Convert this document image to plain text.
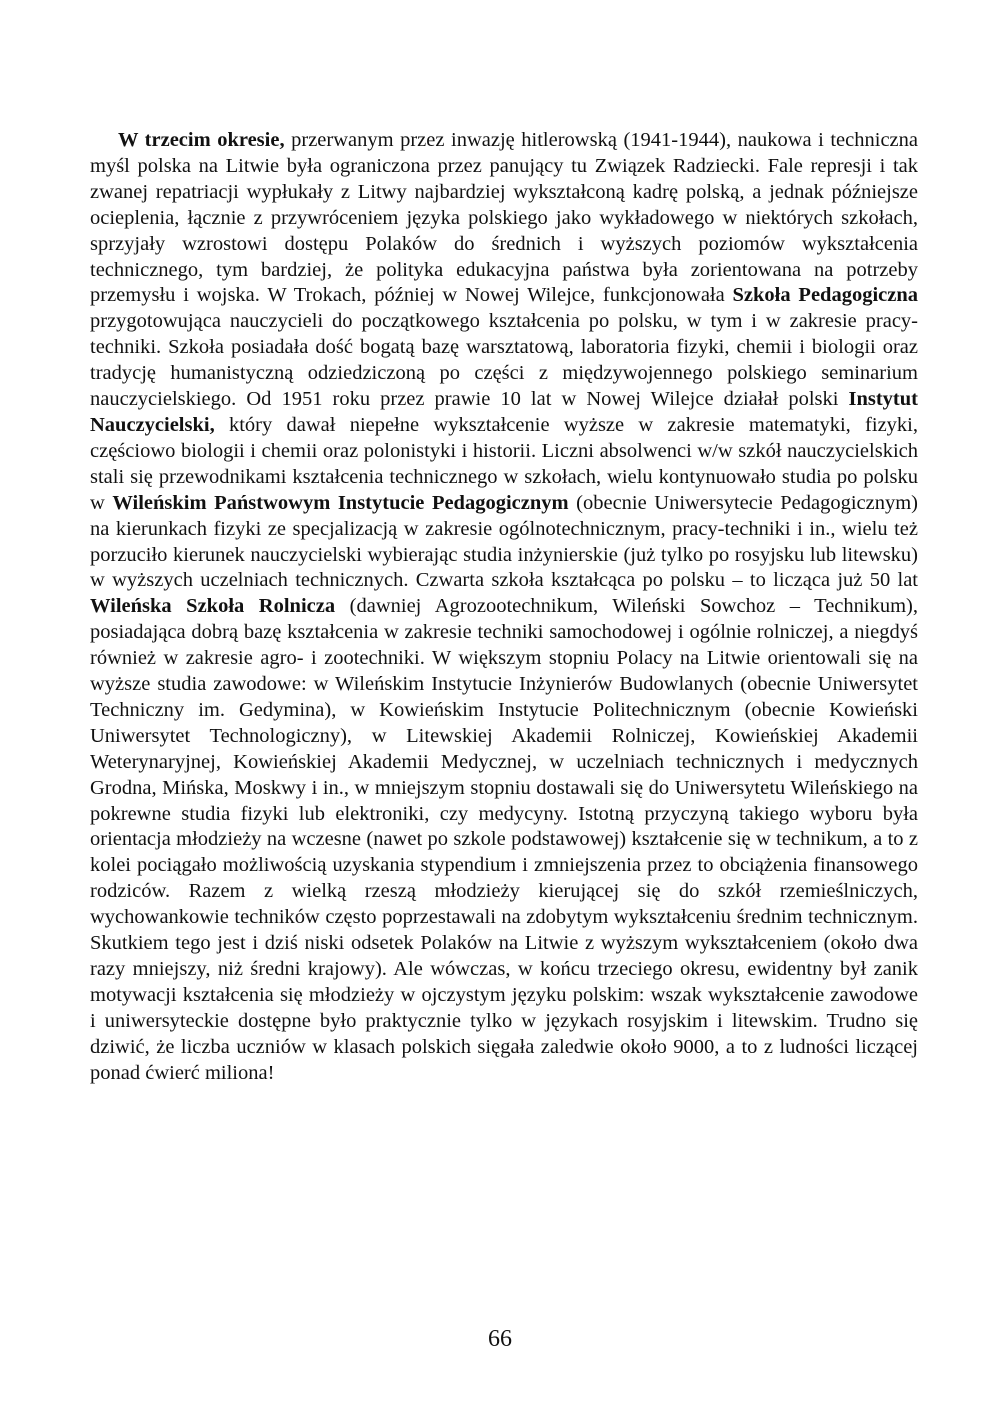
W trzecim okresie, przerwanym przez inwazję hitlerowską (1941-1944), naukowa i techniczna myśl polska na Litwie była ograniczona przez panujący tu Związek Radziecki. Fale represji i tak zwanej repatriacji wypłukały z Litwy najbardziej wykształconą kadrę polską, a jednak późniejsze ocieplenia, łącznie z przywróceniem języka polskiego jako wykładowego w niektórych szkołach, sprzyjały wzrostowi dostępu Polaków do średnich i wyższych poziomów wykształcenia technicznego, tym bardziej, że polityka edukacyjna państwa była zorientowana na potrzeby przemysłu i wojska. W Trokach, później w Nowej Wilejce, funkcjonowała Szkoła Pedagogiczna przygotowująca nauczycieli do początkowego kształcenia po polsku, w tym i w zakresie pracy-techniki. Szkoła posiadała dość bogatą bazę warsztatową, laboratoria fizyki, chemii i biologii oraz tradycję humanistyczną odziedziczoną po części z międzywojennego polskiego seminarium nauczycielskiego. Od 1951 roku przez prawie 10 lat w Nowej Wilejce działał polski Instytut Nauczycielski, który dawał niepełne wykształcenie wyższe w zakresie matematyki, fizyki, częściowo biologii i chemii oraz polonistyki i historii. Liczni absolwenci w/w szkół nauczycielskich stali się przewodnikami kształcenia technicznego w szkołach, wielu kontynuowało studia po polsku w Wileńskim Państwowym Instytucie Pedagogicznym (obecnie Uniwersytecie Pedagogicznym) na kierunkach fizyki ze specjalizacją w zakresie ogólnotechnicznym, pracy-techniki i in., wielu też porzuciło kierunek nauczycielski wybierając studia inżynierskie (już tylko po rosyjsku lub litewsku) w wyższych uczelniach technicznych. Czwarta szkoła kształcąca po polsku – to licząca już 50 lat Wileńska Szkoła Rolnicza (dawniej Agrozootechnikum, Wileński Sowchoz – Technikum), posiadająca dobrą bazę kształcenia w zakresie techniki samochodowej i ogólnie rolniczej, a niegdyś również w zakresie agro- i zootechniki. W większym stopniu Polacy na Litwie orientowali się na wyższe studia zawodowe: w Wileńskim Instytucie Inżynierów Budowlanych (obecnie Uniwersytet Techniczny im. Gedymina), w Kowieńskim Instytucie Politechnicznym (obecnie Kowieński Uniwersytet Technologiczny), w Litewskiej Akademii Rolniczej, Kowieńskiej Akademii Weterynaryjnej, Kowieńskiej Akademii Medycznej, w uczelniach technicznych i medycznych Grodna, Mińska, Moskwy i in., w mniejszym stopniu dostawali się do Uniwersytetu Wileńskiego na pokrewne studia fizyki lub elektroniki, czy medycyny. Istotną przyczyną takiego wyboru była orientacja młodzieży na wczesne (nawet po szkole podstawowej) kształcenie się w technikum, a to z kolei pociągało możliwością uzyskania stypendium i zmniejszenia przez to obciążenia finansowego rodziców. Razem z wielką rzeszą młodzieży kierującej się do szkół rzemieślniczych, wychowankowie techników często poprzestawali na zdobytym wykształceniu średnim technicznym. Skutkiem tego jest i dziś niski odsetek Polaków na Litwie z wyższym wykształceniem (około dwa razy mniejszy, niż średni krajowy). Ale wówczas, w końcu trzeciego okresu, ewidentny był zanik motywacji kształcenia się młodzieży w ojczystym języku polskim: wszak wykształcenie zawodowe i uniwersyteckie dostępne było praktycznie tylko w językach rosyjskim i litewskim. Trudno się dziwić, że liczba uczniów w klasach polskich sięgała zaledwie około 9000, a to z ludności liczącej ponad ćwierć miliona!

66
